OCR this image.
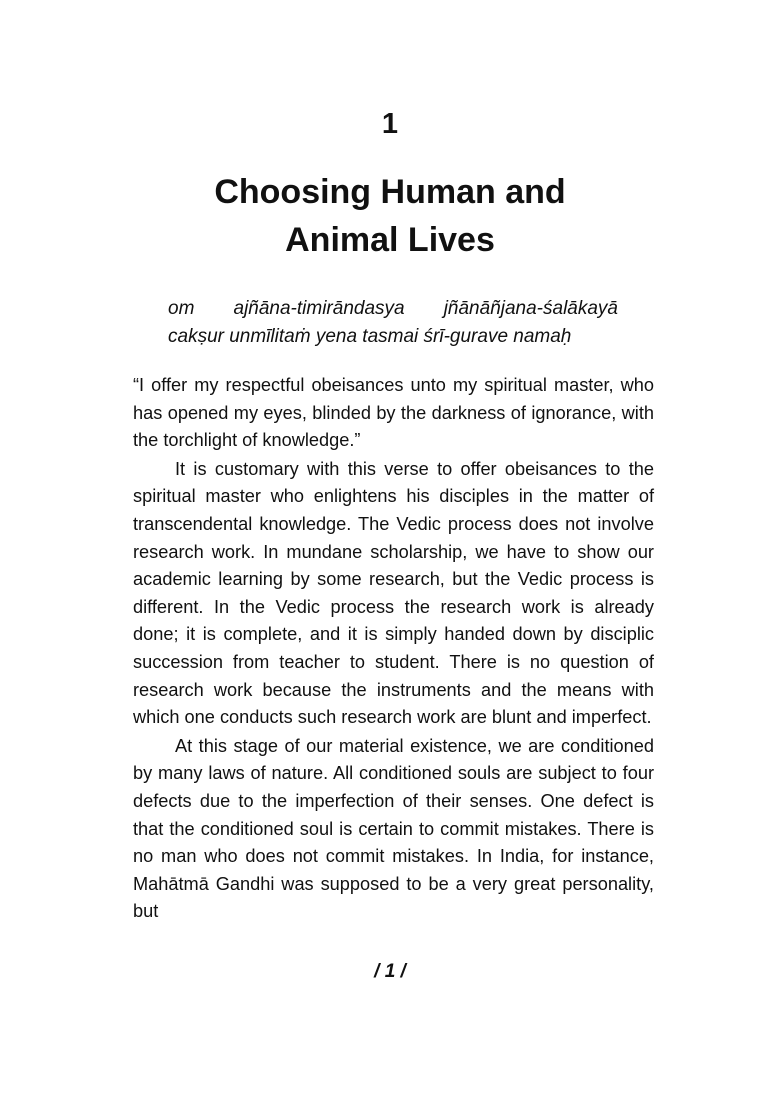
1
Choosing Human and
Animal Lives
om ajñāna-timirāndasya jñānāñjana-śalākayā
cakṣur unmīlitaṁ yena tasmai śrī-gurave namaḥ

“I offer my respectful obeisances unto my spiritual master, who has opened my eyes, blinded by the darkness of ignorance, with the torchlight of knowledge.”

It is customary with this verse to offer obeisances to the spiritual master who enlightens his disciples in the matter of transcendental knowledge. The Vedic process does not involve research work. In mundane scholarship, we have to show our academic learning by some research, but the Vedic process is different. In the Vedic process the research work is already done; it is complete, and it is simply handed down by disciplic succession from teacher to student. There is no question of research work because the instruments and the means with which one conducts such research work are blunt and imperfect.

At this stage of our material existence, we are conditioned by many laws of nature. All conditioned souls are subject to four defects due to the imperfection of their senses. One defect is that the conditioned soul is certain to commit mistakes. There is no man who does not commit mistakes. In India, for instance, Mahātmā Gandhi was supposed to be a very great personality, but

/ 1 /
